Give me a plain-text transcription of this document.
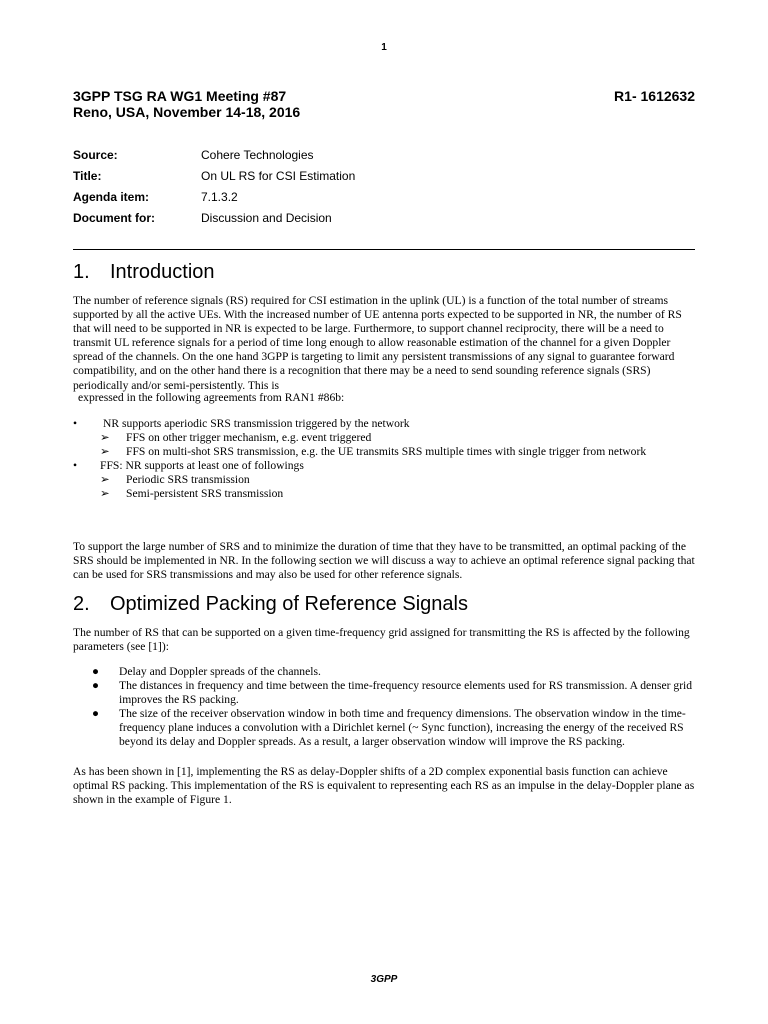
1
3GPP TSG RA WG1 Meeting #87	R1- 1612632
Reno, USA, November 14-18, 2016
Source:	Cohere Technologies
Title:	On UL RS for CSI Estimation
Agenda item:	7.1.3.2
Document for:	Discussion and Decision
1. Introduction
The number of reference signals (RS) required for CSI estimation in the uplink (UL) is a function of the total number of streams supported by all the active UEs. With the increased number of UE antenna ports expected to be supported in NR, the number of RS that will need to be supported in NR is expected to be large. Furthermore, to support channel reciprocity, there will be a need to transmit UL reference signals for a period of time long enough to allow reasonable estimation of the channel for a given Doppler spread of the channels. On the one hand 3GPP is targeting to limit any persistent transmissions of any signal to guarantee forward compatibility, and on the other hand there is a recognition that there may be a need to send sounding reference signals (SRS) periodically and/or semi-persistently. This is
expressed in the following agreements from RAN1 #86b:
• NR supports aperiodic SRS transmission triggered by the network
➢ FFS on other trigger mechanism, e.g. event triggered
➢ FFS on multi-shot SRS transmission, e.g. the UE transmits SRS multiple times with single trigger from network
• FFS: NR supports at least one of followings
➢ Periodic SRS transmission
➢ Semi-persistent SRS transmission
To support the large number of SRS and to minimize the duration of time that they have to be transmitted, an optimal packing of the SRS should be implemented in NR. In the following section we will discuss a way to achieve an optimal reference signal packing that can be used for SRS transmissions and may also be used for other reference signals.
2. Optimized Packing of Reference Signals
The number of RS that can be supported on a given time-frequency grid assigned for transmitting the RS is affected by the following parameters (see [1]):
● Delay and Doppler spreads of the channels.
● The distances in frequency and time between the time-frequency resource elements used for RS transmission. A denser grid improves the RS packing.
● The size of the receiver observation window in both time and frequency dimensions. The observation window in the time-frequency plane induces a convolution with a Dirichlet kernel (~ Sync function), increasing the energy of the received RS beyond its delay and Doppler spreads. As a result, a larger observation window will improve the RS packing.
As has been shown in [1], implementing the RS as delay-Doppler shifts of a 2D complex exponential basis function can achieve optimal RS packing. This implementation of the RS is equivalent to representing each RS as an impulse in the delay-Doppler plane as shown in the example of Figure 1.
3GPP
